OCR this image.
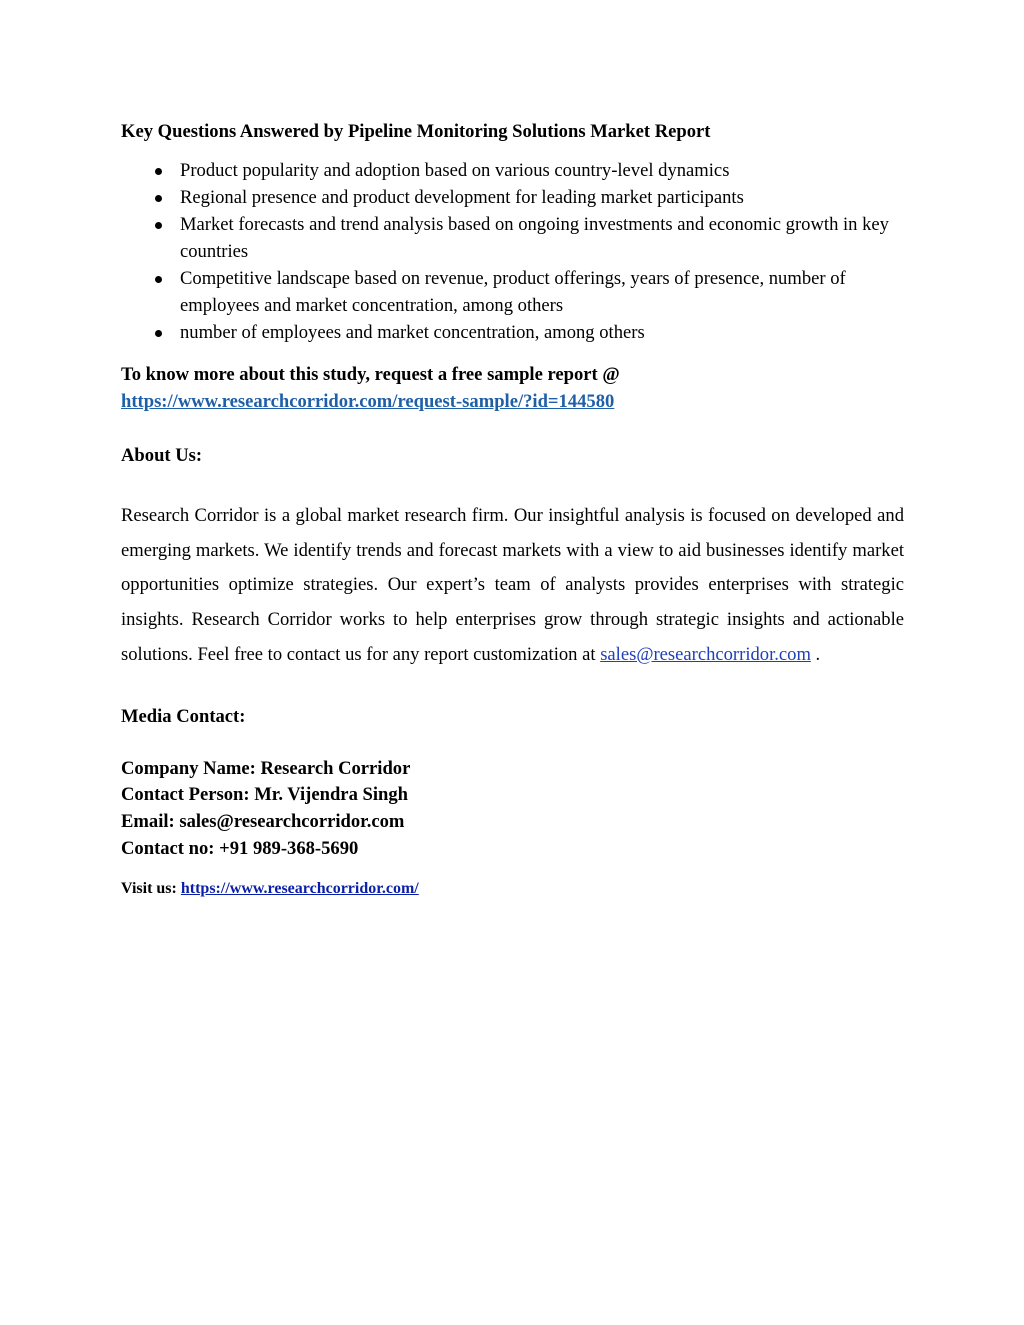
Key Questions Answered by Pipeline Monitoring Solutions Market Report

Product popularity and adoption based on various country-level dynamics
Regional presence and product development for leading market participants
Market forecasts and trend analysis based on ongoing investments and economic growth in key countries
Competitive landscape based on revenue, product offerings, years of presence, number of employees and market concentration, among others
number of employees and market concentration, among others
To know more about this study, request a free sample report @
https://www.researchcorridor.com/request-sample/?id=144580
About Us:
Research Corridor is a global market research firm. Our insightful analysis is focused on developed and emerging markets. We identify trends and forecast markets with a view to aid businesses identify market opportunities optimize strategies. Our expert’s team of analysts provides enterprises with strategic insights. Research Corridor works to help enterprises grow through strategic insights and actionable solutions. Feel free to contact us for any report customization at sales@researchcorridor.com .
Media Contact:
Company Name: Research Corridor
Contact Person: Mr. Vijendra Singh
Email: sales@researchcorridor.com
Contact no: +91 989-368-5690
Visit us: https://www.researchcorridor.com/
